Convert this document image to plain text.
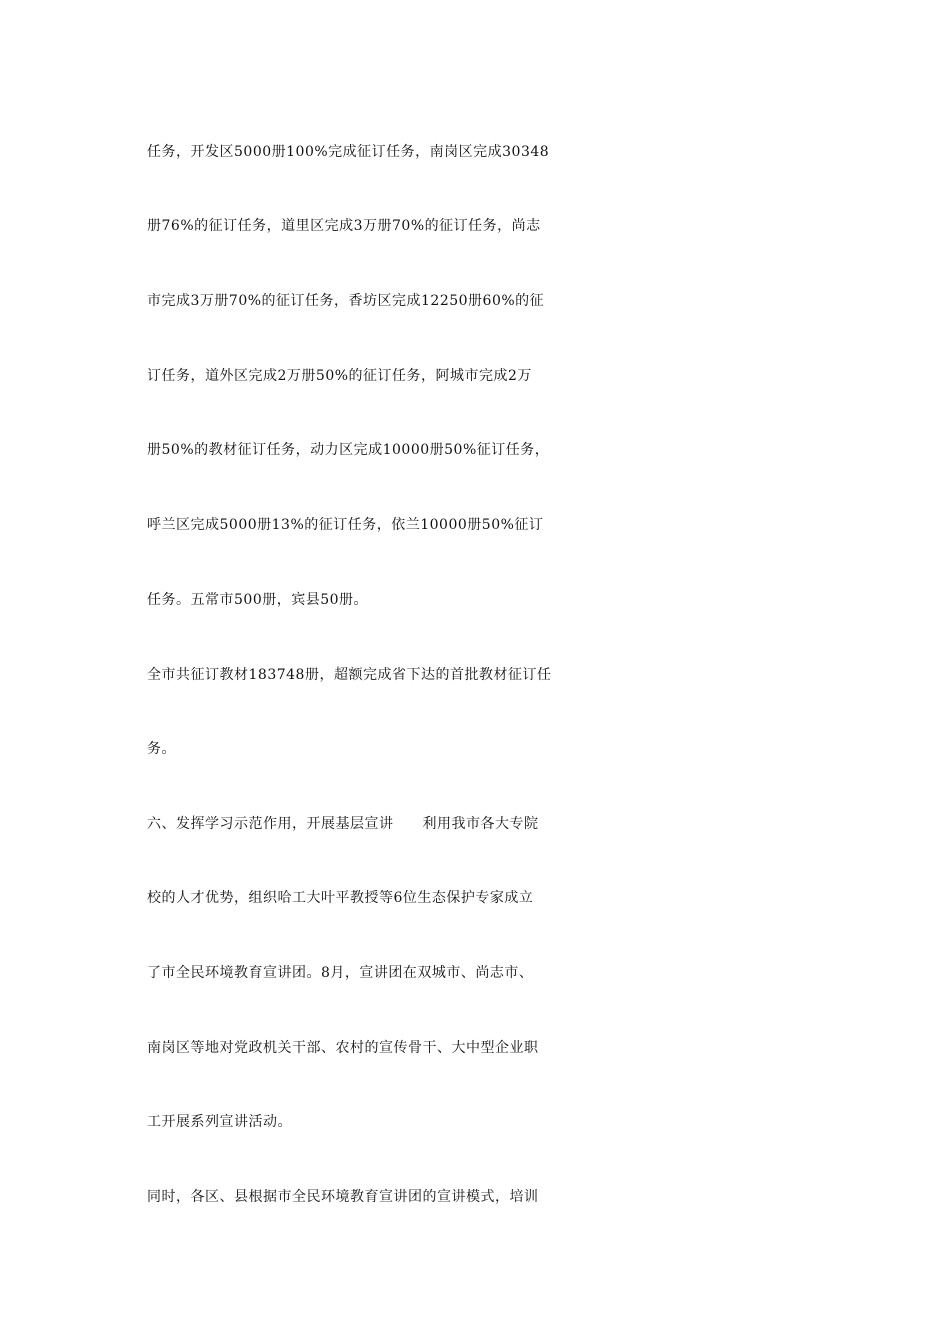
任务，开发区5000册100%完成征订任务，南岗区完成30348
册76%的征订任务，道里区完成3万册70%的征订任务，尚志
市完成3万册70%的征订任务，香坊区完成12250册60%的征
订任务，道外区完成2万册50%的征订任务，阿城市完成2万
册50%的教材征订任务，动力区完成10000册50%征订任务，
呼兰区完成5000册13%的征订任务，依兰10000册50%征订
任务。五常市500册，宾县50册。
全市共征订教材183748册，超额完成省下达的首批教材征订任
务。
六、发挥学习示范作用，开展基层宣讲　　利用我市各大专院
校的人才优势，组织哈工大叶平教授等6位生态保护专家成立
了市全民环境教育宣讲团。8月，宣讲团在双城市、尚志市、
南岗区等地对党政机关干部、农村的宣传骨干、大中型企业职
工开展系列宣讲活动。
同时，各区、县根据市全民环境教育宣讲团的宣讲模式，培训
